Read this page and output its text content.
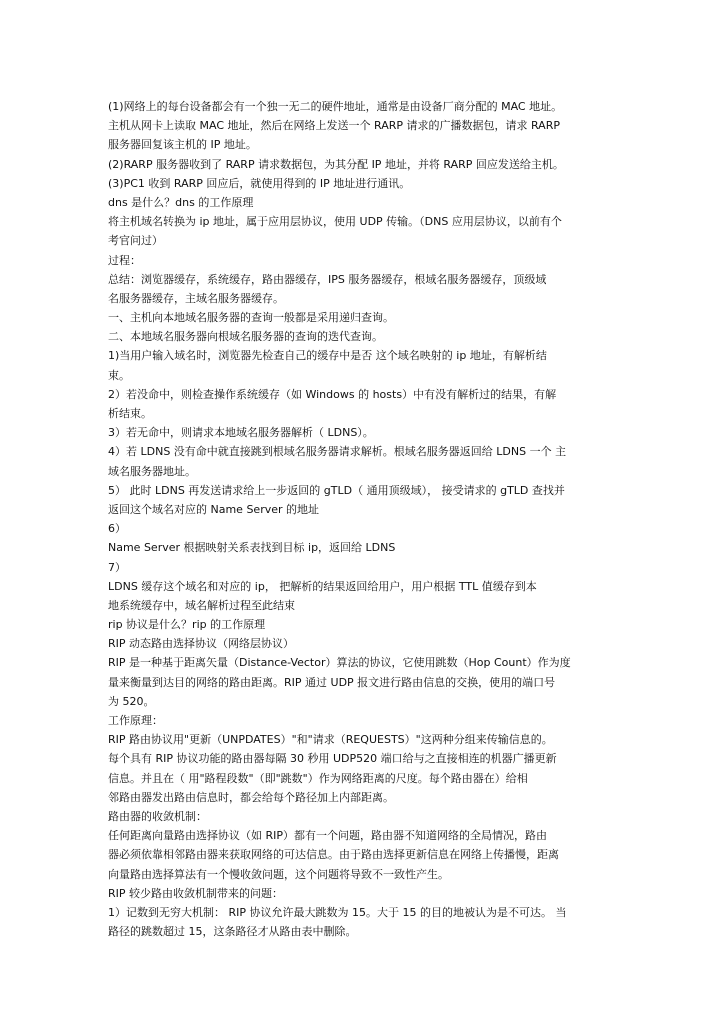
(1)网络上的每台设备都会有一个独一无二的硬件地址，通常是由设备厂商分配的 MAC 地址。
主机从网卡上读取 MAC 地址，然后在网络上发送一个 RARP 请求的广播数据包，请求 RARP
服务器回复该主机的 IP 地址。
(2)RARP 服务器收到了 RARP 请求数据包，为其分配 IP 地址，并将 RARP 回应发送给主机。
(3)PC1 收到 RARP 回应后，就使用得到的 IP 地址进行通讯。
dns 是什么？dns 的工作原理
将主机域名转换为 ip 地址，属于应用层协议，使用 UDP 传输。（DNS 应用层协议，以前有个
考官问过）
过程：
总结：浏览器缓存，系统缓存，路由器缓存，IPS 服务器缓存，根域名服务器缓存，顶级域
名服务器缓存，主域名服务器缓存。
一、主机向本地域名服务器的查询一般都是采用递归查询。
二、本地域名服务器向根域名服务器的查询的迭代查询。
1)当用户输入域名时，浏览器先检查自己的缓存中是否 这个域名映射的 ip 地址，有解析结
束。
2）若没命中，则检查操作系统缓存（如 Windows 的 hosts）中有没有解析过的结果，有解
析结束。
3）若无命中，则请求本地域名服务器解析（ LDNS）。
4）若 LDNS 没有命中就直接跳到根域名服务器请求解析。根域名服务器返回给 LDNS 一个 主
域名服务器地址。
5） 此时 LDNS 再发送请求给上一步返回的 gTLD（ 通用顶级域）， 接受请求的 gTLD 查找并
返回这个域名对应的 Name Server 的地址
6）
Name Server 根据映射关系表找到目标 ip，返回给 LDNS
7）
LDNS 缓存这个域名和对应的 ip， 把解析的结果返回给用户，用户根据 TTL 值缓存到本
地系统缓存中，域名解析过程至此结束
rip 协议是什么？rip 的工作原理
RIP 动态路由选择协议（网络层协议）
RIP 是一种基于距离矢量（Distance-Vector）算法的协议，它使用跳数（Hop Count）作为度
量来衡量到达目的网络的路由距离。RIP 通过 UDP 报文进行路由信息的交换，使用的端口号
为 520。
工作原理：
RIP 路由协议用"更新（UNPDATES）"和"请求（REQUESTS）"这两种分组来传输信息的。
每个具有 RIP 协议功能的路由器每隔 30 秒用 UDP520 端口给与之直接相连的机器广播更新
信息。并且在（ 用"路程段数"（即"跳数"）作为网络距离的尺度。每个路由器在）给相
邻路由器发出路由信息时，都会给每个路径加上内部距离。
路由器的收敛机制：
任何距离向量路由选择协议（如 RIP）都有一个问题，路由器不知道网络的全局情况，路由
器必须依靠相邻路由器来获取网络的可达信息。由于路由选择更新信息在网络上传播慢，距离
向量路由选择算法有一个慢收敛问题，这个问题将导致不一致性产生。
RIP 较少路由收敛机制带来的问题：
1）记数到无穷大机制： RIP 协议允许最大跳数为 15。大于 15 的目的地被认为是不可达。 当
路径的跳数超过 15，这条路径才从路由表中删除。
